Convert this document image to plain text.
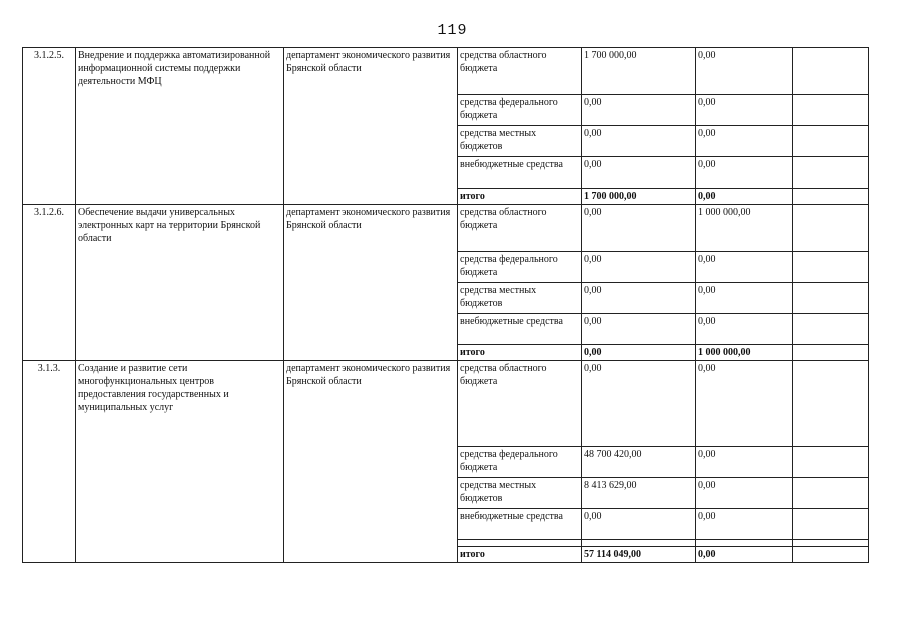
119
3.1.2.5.	Внедрение и поддержка автоматизированной информационной системы поддержки деятельности МФЦ	департамент экономического развития Брянской области	средства областного бюджета	1 700 000,00	0,00	
			средства федерального бюджета	0,00	0,00	
			средства местных бюджетов	0,00	0,00	
			внебюджетные средства	0,00	0,00	
			итого	1 700 000,00	0,00	
3.1.2.6.	Обеспечение выдачи универсальных электронных карт на территории Брянской области	департамент экономического развития Брянской области	средства областного бюджета	0,00	1 000 000,00	
			средства федерального бюджета	0,00	0,00	
			средства местных бюджетов	0,00	0,00	
			внебюджетные средства	0,00	0,00	
			итого	0,00	1 000 000,00	
3.1.3.	Создание и развитие сети многофункциональных центров предоставления государственных и муниципальных услуг	департамент экономического развития Брянской области	средства областного бюджета	0,00	0,00	
			средства федерального бюджета	48 700 420,00	0,00	
			средства местных бюджетов	8 413 629,00	0,00	
			внебюджетные средства	0,00	0,00	

			итого	57 114 049,00	0,00	
